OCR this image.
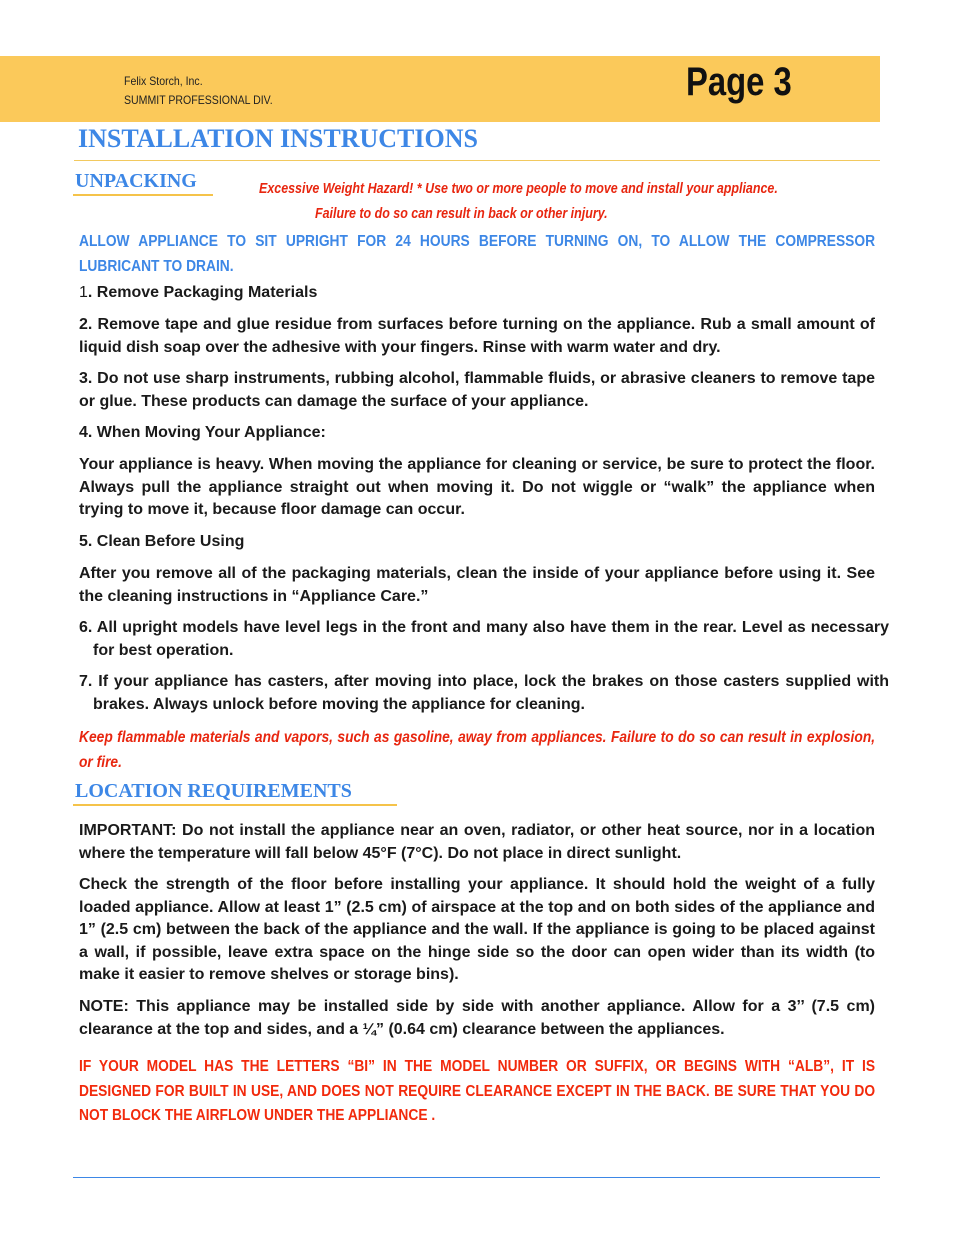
Felix Storch, Inc.
SUMMIT PROFESSIONAL DIV.	Page 3
INSTALLATION INSTRUCTIONS
UNPACKING	Excessive Weight Hazard! * Use two or more people to move and install your appliance.
Failure to do so can result in back or other injury.

ALLOW APPLIANCE TO SIT UPRIGHT FOR 24 HOURS BEFORE TURNING ON, TO ALLOW THE COMPRESSOR LUBRICANT TO DRAIN.

1. Remove Packaging Materials

2. Remove tape and glue residue from surfaces before turning on the appliance. Rub a small amount of liquid dish soap over the adhesive with your fingers. Rinse with warm water and dry.

3. Do not use sharp instruments, rubbing alcohol, flammable fluids, or abrasive cleaners to remove tape or glue. These products can damage the surface of your appliance.

4. When Moving Your Appliance:

Your appliance is heavy. When moving the appliance for cleaning or service, be sure to protect the floor. Always pull the appliance straight out when moving it. Do not wiggle or “walk” the appliance when trying to move it, because floor damage can occur.

5. Clean Before Using

After you remove all of the packaging materials, clean the inside of your appliance before using it. See the cleaning instructions in “Appliance Care.”

6. All upright models have level legs in the front and many also have them in the rear. Level as necessary for best operation.

7. If your appliance has casters, after moving into place, lock the brakes on those casters supplied with brakes. Always unlock before moving the appliance for cleaning.

Keep flammable materials and vapors, such as gasoline, away from appliances. Failure to do so can result in explosion, or fire.

LOCATION REQUIREMENTS

IMPORTANT: Do not install the appliance near an oven, radiator, or other heat source, nor in a location where the temperature will fall below 45°F (7°C). Do not place in direct sunlight.

Check the strength of the floor before installing your appliance. It should hold the weight of a fully loaded appliance. Allow at least 1” (2.5 cm) of airspace at the top and on both sides of the appliance and 1” (2.5 cm) between the back of the appliance and the wall. If the appliance is going to be placed against a wall, if possible, leave extra space on the hinge side so the door can open wider than its width (to make it easier to remove shelves or storage bins).

NOTE: This appliance may be installed side by side with another appliance. Allow for a 3’’ (7.5 cm) clearance at the top and sides, and a ¼” (0.64 cm) clearance between the appliances.

IF YOUR MODEL HAS THE LETTERS “BI” IN THE MODEL NUMBER OR SUFFIX, OR BEGINS WITH “ALB”, IT IS DESIGNED FOR BUILT IN USE, AND DOES NOT REQUIRE CLEARANCE EXCEPT IN THE BACK. BE SURE THAT YOU DO NOT BLOCK THE AIRFLOW UNDER THE APPLIANCE .
